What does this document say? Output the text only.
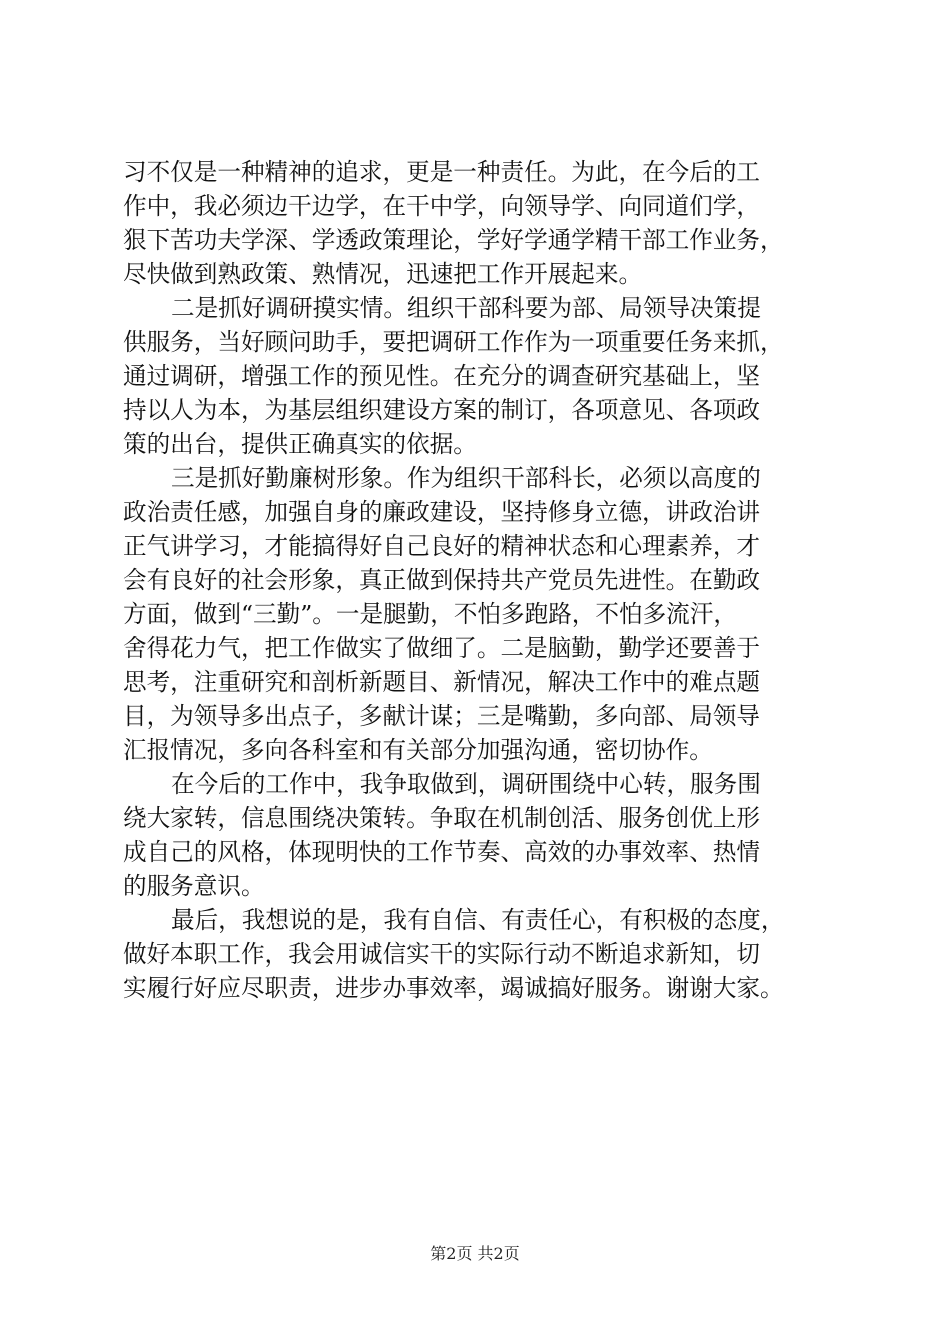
习不仅是一种精神的追求，更是一种责任。为此，在今后的工
作中，我必须边干边学，在干中学，向领导学、向同道们学，
狠下苦功夫学深、学透政策理论，学好学通学精干部工作业务，
尽快做到熟政策、熟情况，迅速把工作开展起来。
二是抓好调研摸实情。组织干部科要为部、局领导决策提
供服务，当好顾问助手，要把调研工作作为一项重要任务来抓，
通过调研，增强工作的预见性。在充分的调查研究基础上，坚
持以人为本，为基层组织建设方案的制订，各项意见、各项政
策的出台，提供正确真实的依据。
三是抓好勤廉树形象。作为组织干部科长，必须以高度的
政治责任感，加强自身的廉政建设，坚持修身立德，讲政治讲
正气讲学习，才能搞得好自己良好的精神状态和心理素养，才
会有良好的社会形象，真正做到保持共产党员先进性。在勤政
方面，做到“三勤”。一是腿勤，不怕多跑路，不怕多流汗，
舍得花力气，把工作做实了做细了。二是脑勤，勤学还要善于
思考，注重研究和剖析新题目、新情况，解决工作中的难点题
目，为领导多出点子，多献计谋；三是嘴勤，多向部、局领导
汇报情况，多向各科室和有关部分加强沟通，密切协作。
在今后的工作中，我争取做到，调研围绕中心转，服务围
绕大家转，信息围绕决策转。争取在机制创活、服务创优上形
成自己的风格，体现明快的工作节奏、高效的办事效率、热情
的服务意识。
最后，我想说的是，我有自信、有责任心，有积极的态度，
做好本职工作，我会用诚信实干的实际行动不断追求新知，切
实履行好应尽职责，进步办事效率，竭诚搞好服务。谢谢大家。
第2页 共2页
